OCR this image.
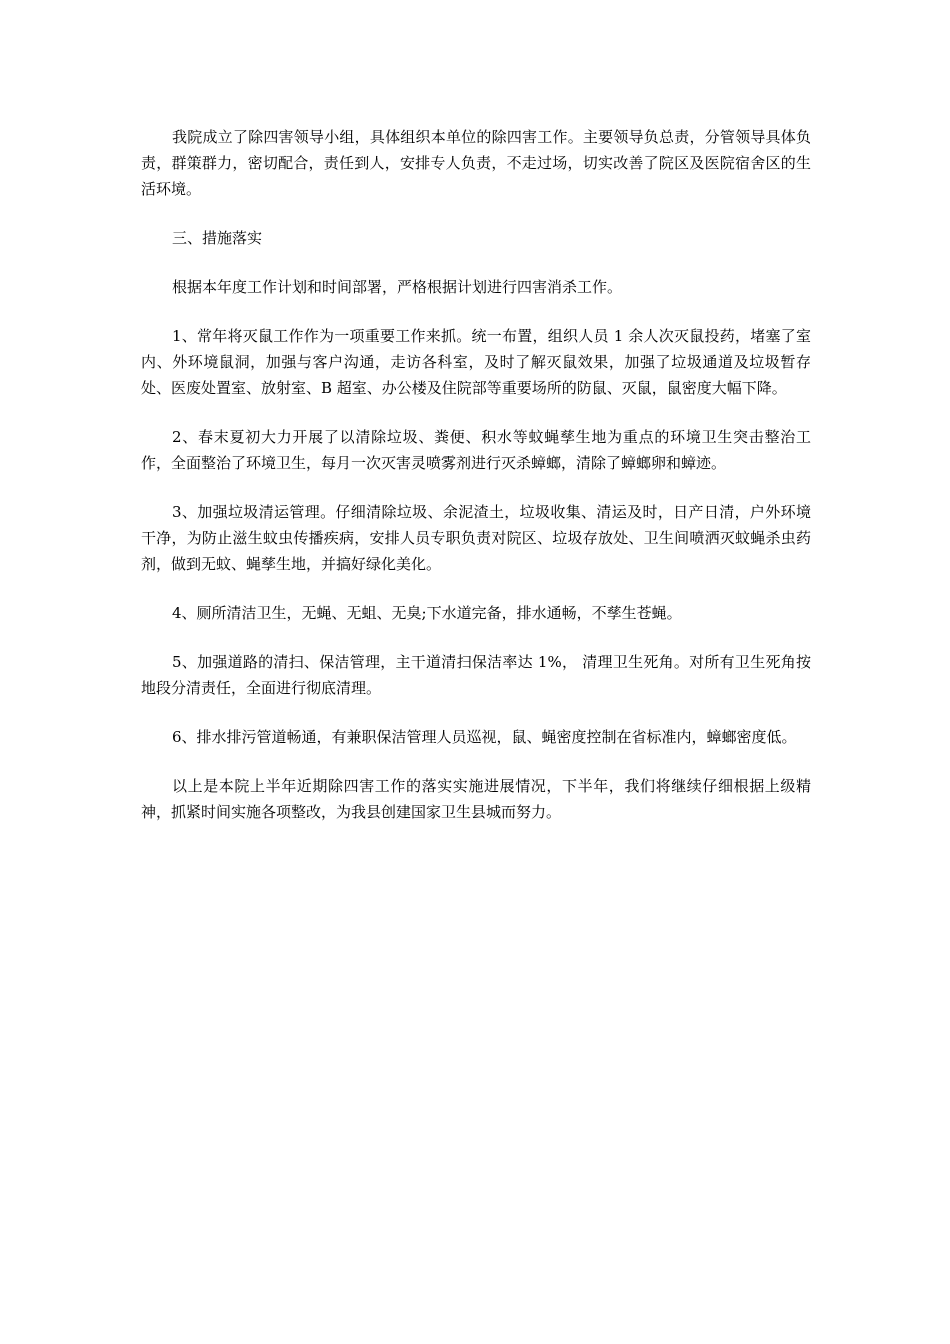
我院成立了除四害领导小组，具体组织本单位的除四害工作。主要领导负总责，分管领导具体负责，群策群力，密切配合，责任到人，安排专人负责，不走过场，切实改善了院区及医院宿舍区的生活环境。

三、措施落实

根据本年度工作计划和时间部署，严格根据计划进行四害消杀工作。

1、常年将灭鼠工作作为一项重要工作来抓。统一布置，组织人员 1 余人次灭鼠投药，堵塞了室内、外环境鼠洞，加强与客户沟通，走访各科室，及时了解灭鼠效果，加强了垃圾通道及垃圾暂存处、医废处置室、放射室、B 超室、办公楼及住院部等重要场所的防鼠、灭鼠，鼠密度大幅下降。

2、春末夏初大力开展了以清除垃圾、粪便、积水等蚊蝇孳生地为重点的环境卫生突击整治工作，全面整治了环境卫生，每月一次灭害灵喷雾剂进行灭杀蟑螂，清除了蟑螂卵和蟑迹。

3、加强垃圾清运管理。仔细清除垃圾、余泥渣土，垃圾收集、清运及时，日产日清，户外环境干净，为防止滋生蚊虫传播疾病，安排人员专职负责对院区、垃圾存放处、卫生间喷洒灭蚊蝇杀虫药剂，做到无蚊、蝇孳生地，并搞好绿化美化。

4、厕所清洁卫生，无蝇、无蛆、无臭;下水道完备，排水通畅，不孳生苍蝇。

5、加强道路的清扫、保洁管理，主干道清扫保洁率达 1%， 清理卫生死角。对所有卫生死角按地段分清责任，全面进行彻底清理。

6、排水排污管道畅通，有兼职保洁管理人员巡视，鼠、蝇密度控制在省标准内，蟑螂密度低。

以上是本院上半年近期除四害工作的落实实施进展情况，下半年，我们将继续仔细根据上级精神，抓紧时间实施各项整改，为我县创建国家卫生县城而努力。
